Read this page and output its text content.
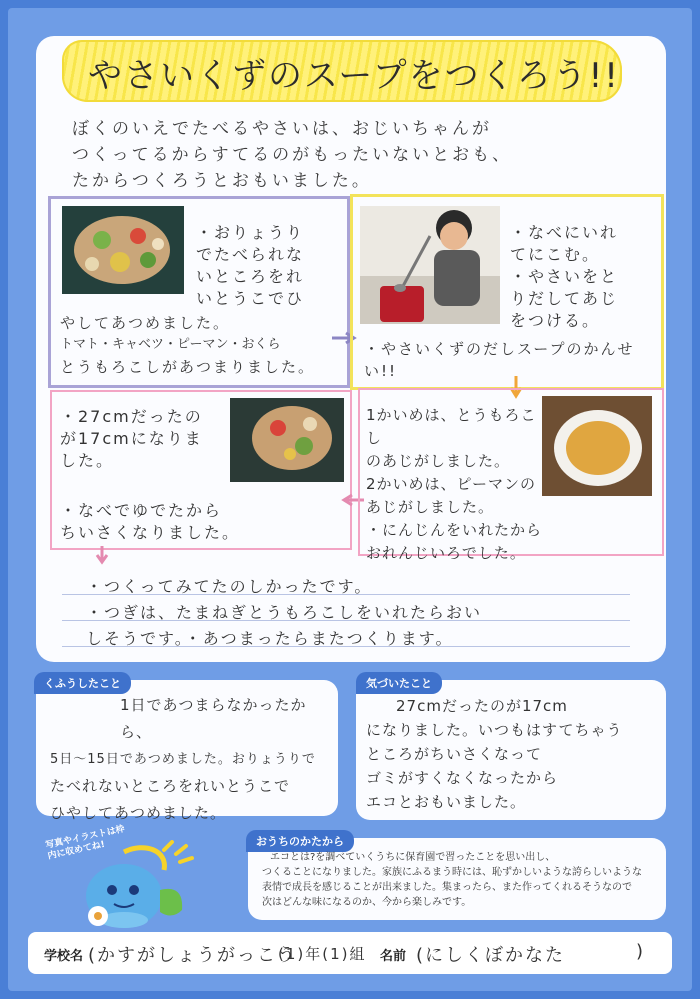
やさいくずのスープをつくろう!!
ぼくのいえでたべるやさいは、おじいちゃんが
つくってるからすてるのがもったいないとおも、
たからつくろうとおもいました。
・おりょうり
でたべられな
いところをれ
いとうこでひ
やしてあつめました。
トマト・キャベツ・ピーマン・おくら
とうもろこしがあつまりました。
・なべにいれ
てにこむ。
・やさいをと
りだしてあじ
をつける。
・やさいくずのだしスープのかんせい!!
・27cmだったの
が17cmになりま
した。
・なべでゆでたから
ちいさくなりました。
1かいめは、とうもろこし
のあじがしました。
2かいめは、ピーマンの
あじがしました。
・にんじんをいれたから
おれんじいろでした。
・つくってみてたのしかったです。
・つぎは、たまねぎとうもろこしをいれたらおい
しそうです。・あつまったらまたつくります。
くふうしたこと
1日であつまらなかったから、
5日〜15日であつめました。おりょうりで
たべれないところをれいとうこで
ひやしてあつめました。
気づいたこと
27cmだったのが17cm
になりました。いつもはすてちゃう
ところがちいさくなって
ゴミがすくなくなったから
エコとおもいました。
写真やイラストは枠内に収めてね!	おうちのかたから
エコとは?を調べていくうちに保育園で習ったことを思い出し、
つくることになりました。家族にふるまう時には、恥ずかしいような誇らしいような
表情で成長を感じることが出来ました。集まったら、また作ってくれるそうなので
次はどんな味になるのか、今から楽しみです。
学校名 (かすがしょうがっこう
(1)年(1)組 名前 (にしくぼかなた	)
